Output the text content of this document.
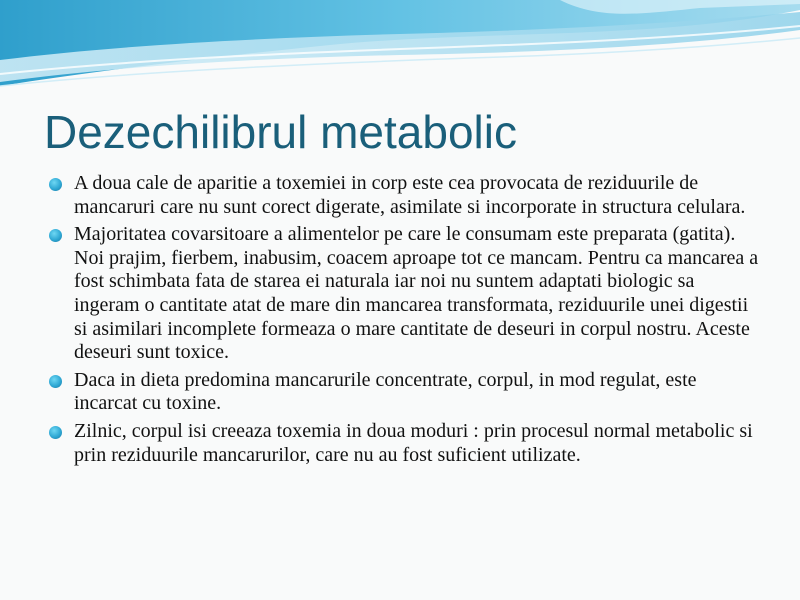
Dezechilibrul metabolic
A doua cale de aparitie a toxemiei in corp este cea provocata de reziduurile de mancaruri care nu sunt corect digerate, asimilate si incorporate in structura celulara.
Majoritatea covarsitoare a alimentelor pe care le consumam este preparata (gatita). Noi prajim, fierbem, inabusim, coacem aproape tot ce mancam. Pentru ca mancarea a fost schimbata fata de starea ei naturala iar noi nu suntem adaptati biologic sa ingeram o cantitate atat de mare din mancarea transformata, reziduurile unei digestii si asimilari incomplete formeaza o mare cantitate de deseuri in corpul nostru. Aceste deseuri sunt toxice.
Daca in dieta predomina mancarurile concentrate, corpul, in mod regulat, este incarcat cu toxine.
Zilnic, corpul isi creeaza toxemia in doua moduri : prin procesul normal metabolic si prin reziduurile mancarurilor, care nu au fost suficient utilizate.
